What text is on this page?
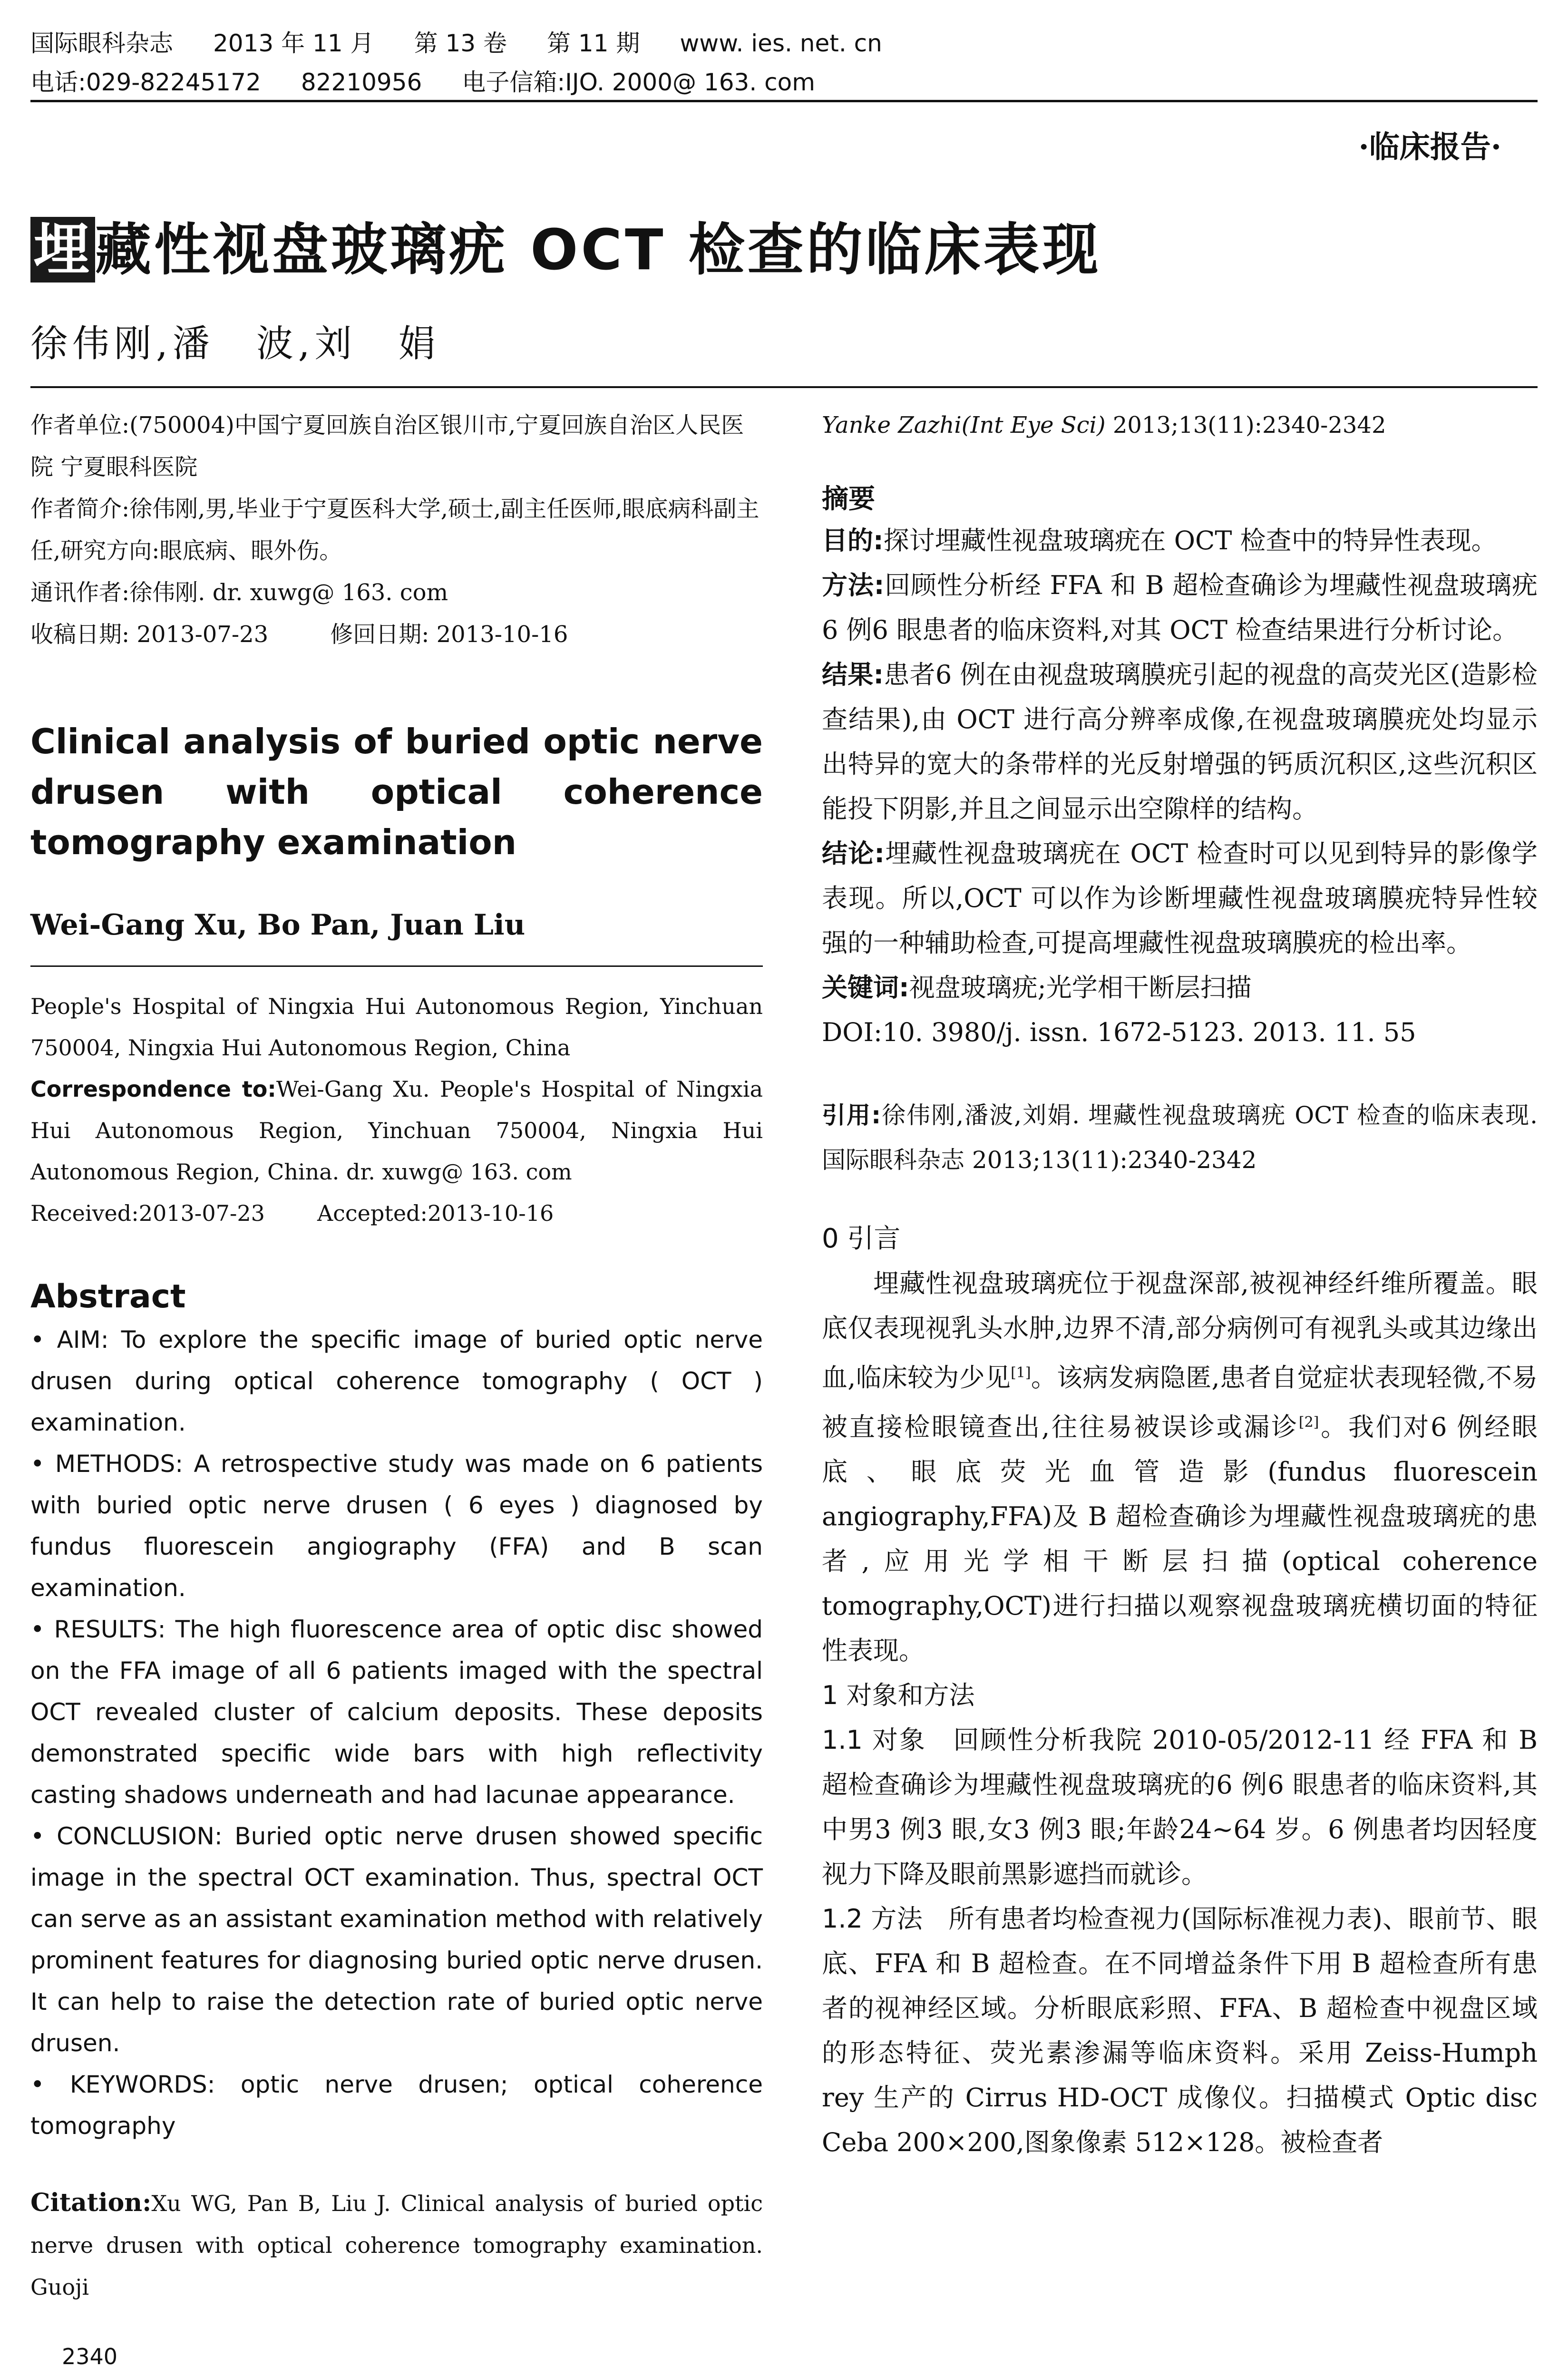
国际眼科杂志 2013 年 11 月 第 13 卷 第 11 期 www. ies. net. cn
电话:029-82245172 82210956 电子信箱:IJO. 2000@ 163. com
·临床报告·
埋藏性视盘玻璃疣 OCT 检查的临床表现
徐伟刚,潘　波,刘　娟

作者单位:(750004)中国宁夏回族自治区银川市,宁夏回族自治区人民医院 宁夏眼科医院

作者简介:徐伟刚,男,毕业于宁夏医科大学,硕士,副主任医师,眼底病科副主任,研究方向:眼底病、眼外伤。

通讯作者:徐伟刚. dr. xuwg@ 163. com

收稿日期: 2013-07-23	修回日期: 2013-10-16

Clinical analysis of buried optic nerve drusen with optical coherence tomography examination
Wei-Gang Xu, Bo Pan, Juan Liu

People's Hospital of Ningxia Hui Autonomous Region, Yinchuan 750004, Ningxia Hui Autonomous Region, China

Correspondence to:Wei-Gang Xu. People's Hospital of Ningxia Hui Autonomous Region, Yinchuan 750004, Ningxia Hui Autonomous Region, China. dr. xuwg@ 163. com

Received:2013-07-23 Accepted:2013-10-16

Abstract

• AIM: To explore the specific image of buried optic nerve drusen during optical coherence tomography ( OCT ) examination.

• METHODS: A retrospective study was made on 6 patients with buried optic nerve drusen ( 6 eyes ) diagnosed by fundus fluorescein angiography (FFA) and B scan examination.

• RESULTS: The high fluorescence area of optic disc showed on the FFA image of all 6 patients imaged with the spectral OCT revealed cluster of calcium deposits. These deposits demonstrated specific wide bars with high reflectivity casting shadows underneath and had lacunae appearance.

• CONCLUSION: Buried optic nerve drusen showed specific image in the spectral OCT examination. Thus, spectral OCT can serve as an assistant examination method with relatively prominent features for diagnosing buried optic nerve drusen. It can help to raise the detection rate of buried optic nerve drusen.

• KEYWORDS: optic nerve drusen; optical coherence tomography

Citation:Xu WG, Pan B, Liu J. Clinical analysis of buried optic nerve drusen with optical coherence tomography examination. Guoji
Yanke Zazhi(Int Eye Sci) 2013;13(11):2340-2342
摘要

目的:探讨埋藏性视盘玻璃疣在 OCT 检查中的特异性表现。

方法:回顾性分析经 FFA 和 B 超检查确诊为埋藏性视盘玻璃疣6 例6 眼患者的临床资料,对其 OCT 检查结果进行分析讨论。

结果:患者6 例在由视盘玻璃膜疣引起的视盘的高荧光区(造影检查结果),由 OCT 进行高分辨率成像,在视盘玻璃膜疣处均显示出特异的宽大的条带样的光反射增强的钙质沉积区,这些沉积区能投下阴影,并且之间显示出空隙样的结构。

结论:埋藏性视盘玻璃疣在 OCT 检查时可以见到特异的影像学表现。所以,OCT 可以作为诊断埋藏性视盘玻璃膜疣特异性较强的一种辅助检查,可提高埋藏性视盘玻璃膜疣的检出率。

关键词:视盘玻璃疣;光学相干断层扫描

DOI:10. 3980/j. issn. 1672-5123. 2013. 11. 55

引用:徐伟刚,潘波,刘娟. 埋藏性视盘玻璃疣 OCT 检查的临床表现. 国际眼科杂志 2013;13(11):2340-2342
0 引言

埋藏性视盘玻璃疣位于视盘深部,被视神经纤维所覆盖。眼底仅表现视乳头水肿,边界不清,部分病例可有视乳头或其边缘出血,临床较为少见[1]。该病发病隐匿,患者自觉症状表现轻微,不易被直接检眼镜查出,往往易被误诊或漏诊[2]。我们对6 例经眼底、眼底荧光血管造影(fundus fluorescein angiography,FFA)及 B 超检查确诊为埋藏性视盘玻璃疣的患者,应用光学相干断层扫描(optical coherence tomography,OCT)进行扫描以观察视盘玻璃疣横切面的特征性表现。

1 对象和方法

1.1 对象　回顾性分析我院 2010-05/2012-11 经 FFA 和 B 超检查确诊为埋藏性视盘玻璃疣的6 例6 眼患者的临床资料,其中男3 例3 眼,女3 例3 眼;年龄24~64 岁。6 例患者均因轻度视力下降及眼前黑影遮挡而就诊。

1.2 方法　所有患者均检查视力(国际标准视力表)、眼前节、眼底、FFA 和 B 超检查。在不同增益条件下用 B 超检查所有患者的视神经区域。分析眼底彩照、FFA、B 超检查中视盘区域的形态特征、荧光素渗漏等临床资料。采用 Zeiss-Humph rey 生产的 Cirrus HD-OCT 成像仪。扫描模式 Optic disc Ceba 200×200,图象像素 512×128。被检查者

2340
